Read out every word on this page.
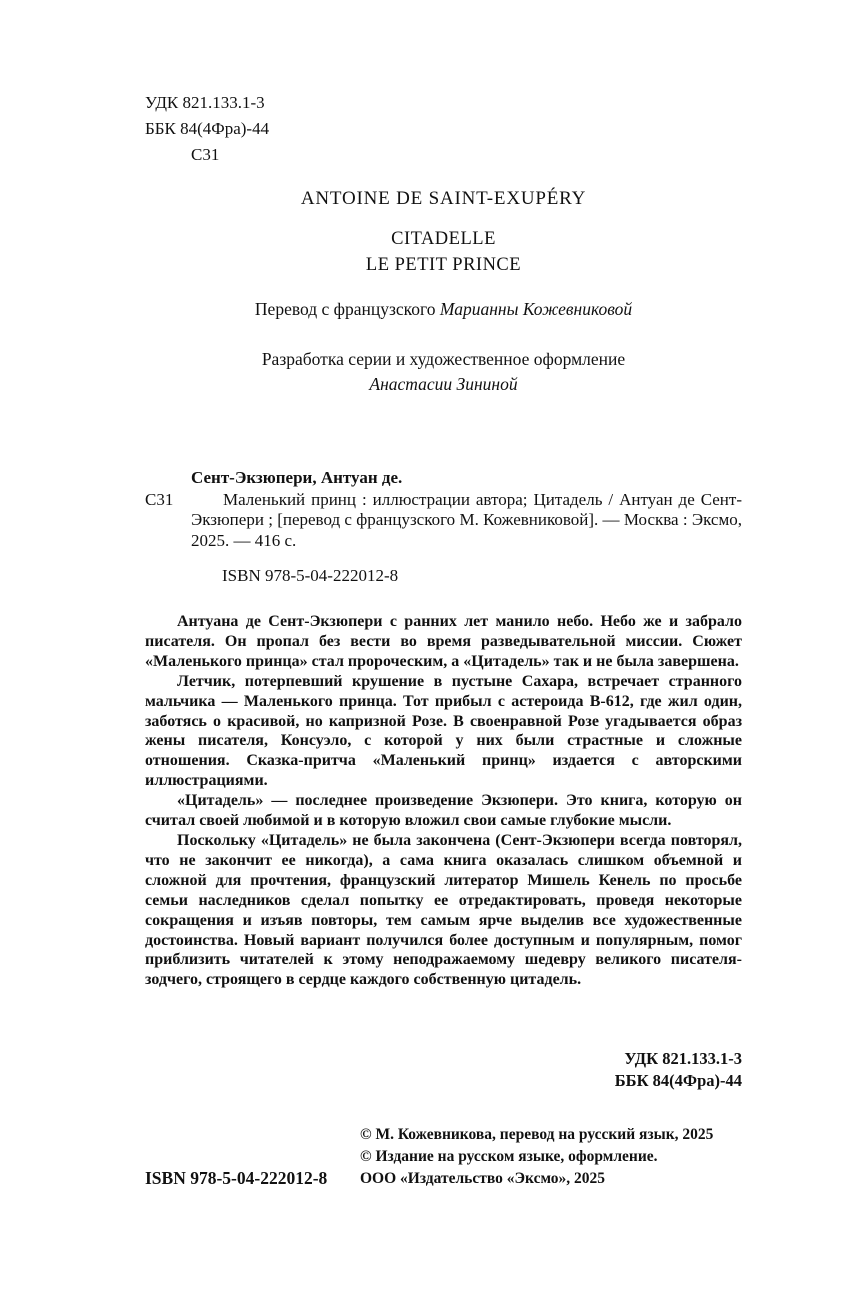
УДК 821.133.1-3
ББК 84(4Фра)-44
С31
ANTOINE DE SAINT-EXUPÉRY
CITADELLE
LE PETIT PRINCE
Перевод с французского Марианны Кожевниковой
Разработка серии и художественное оформление
Анастасии Зининой
Сент-Экзюпери, Антуан де.
С31	Маленький принц : иллюстрации автора; Цитадель / Антуан де Сент-Экзюпери ; [перевод с французского М. Кожевниковой]. — Москва : Эксмо, 2025. — 416 с.
ISBN 978-5-04-222012-8

Антуана де Сент-Экзюпери с ранних лет манило небо. Небо же и забрало писателя. Он пропал без вести во время разведывательной миссии. Сюжет «Маленького принца» стал пророческим, а «Цитадель» так и не была завершена.

Летчик, потерпевший крушение в пустыне Сахара, встречает странного мальчика — Маленького принца. Тот прибыл с астероида В-612, где жил один, заботясь о красивой, но капризной Розе. В своенравной Розе угадывается образ жены писателя, Консуэло, с которой у них были страстные и сложные отношения. Сказка-притча «Маленький принц» издается с авторскими иллюстрациями.

«Цитадель» — последнее произведение Экзюпери. Это книга, которую он считал своей любимой и в которую вложил свои самые глубокие мысли.

Поскольку «Цитадель» не была закончена (Сент-Экзюпери всегда повторял, что не закончит ее никогда), а сама книга оказалась слишком объемной и сложной для прочтения, французский литератор Мишель Кенель по просьбе семьи наследников сделал попытку ее отредактировать, проведя некоторые сокращения и изъяв повторы, тем самым ярче выделив все художественные достоинства. Новый вариант получился более доступным и популярным, помог приблизить читателей к этому неподражаемому шедевру великого писателя-зодчего, строящего в сердце каждого собственную цитадель.

УДК 821.133.1-3
ББК 84(4Фра)-44
© М. Кожевникова, перевод на русский язык, 2025
© Издание на русском языке, оформление.
ООО «Издательство «Эксмо», 2025
ISBN 978-5-04-222012-8
